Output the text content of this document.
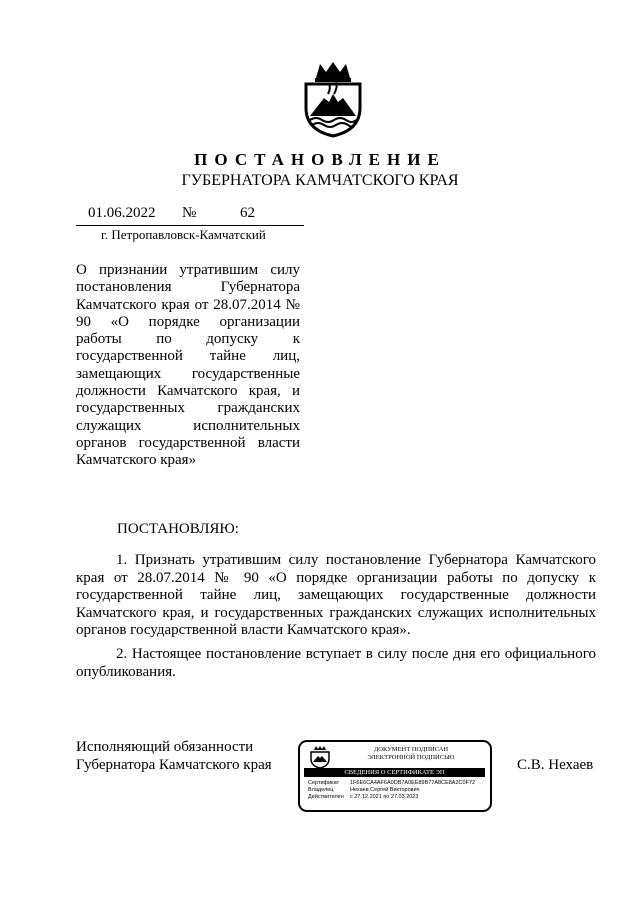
ПОСТАНОВЛЕНИЕ
ГУБЕРНАТОРА КАМЧАТСКОГО КРАЯ
01.06.2022 №	62
г. Петропавловск-Камчатский
О признании утратившим силу постановления Губернатора Камчатского края от 28.07.2014 № 90 «О порядке организации работы по допуску к государственной тайне лиц, замещающих государственные должности Камчатского края, и государственных гражданских служащих исполнительных органов государственной власти Камчатского края»
ПОСТАНОВЛЯЮ:
1. Признать утратившим силу постановление Губернатора Камчатского края от 28.07.2014 № 90 «О порядке организации работы по допуску к государственной тайне лиц, замещающих государственные должности Камчатского края, и государственных гражданских служащих исполнительных органов государственной власти Камчатского края».
2. Настоящее постановление вступает в силу после дня его официального опубликования.
Исполняющий обязанности
Губернатора Камчатского края
ДОКУМЕНТ ПОДПИСАН
ЭЛЕКТРОННОЙ ПОДПИСЬЮ
СВЕДЕНИЯ О СЕРТИФИКАТЕ ЭП
Сертификат 1F6E6CA4AF6A0DB7A0EE89B77A8CE8A2C0F72
Владелец	Нехаев Сергей Викторович
Действителен с 27.12.2021 по 27.03.2023
С.В. Нехаев
